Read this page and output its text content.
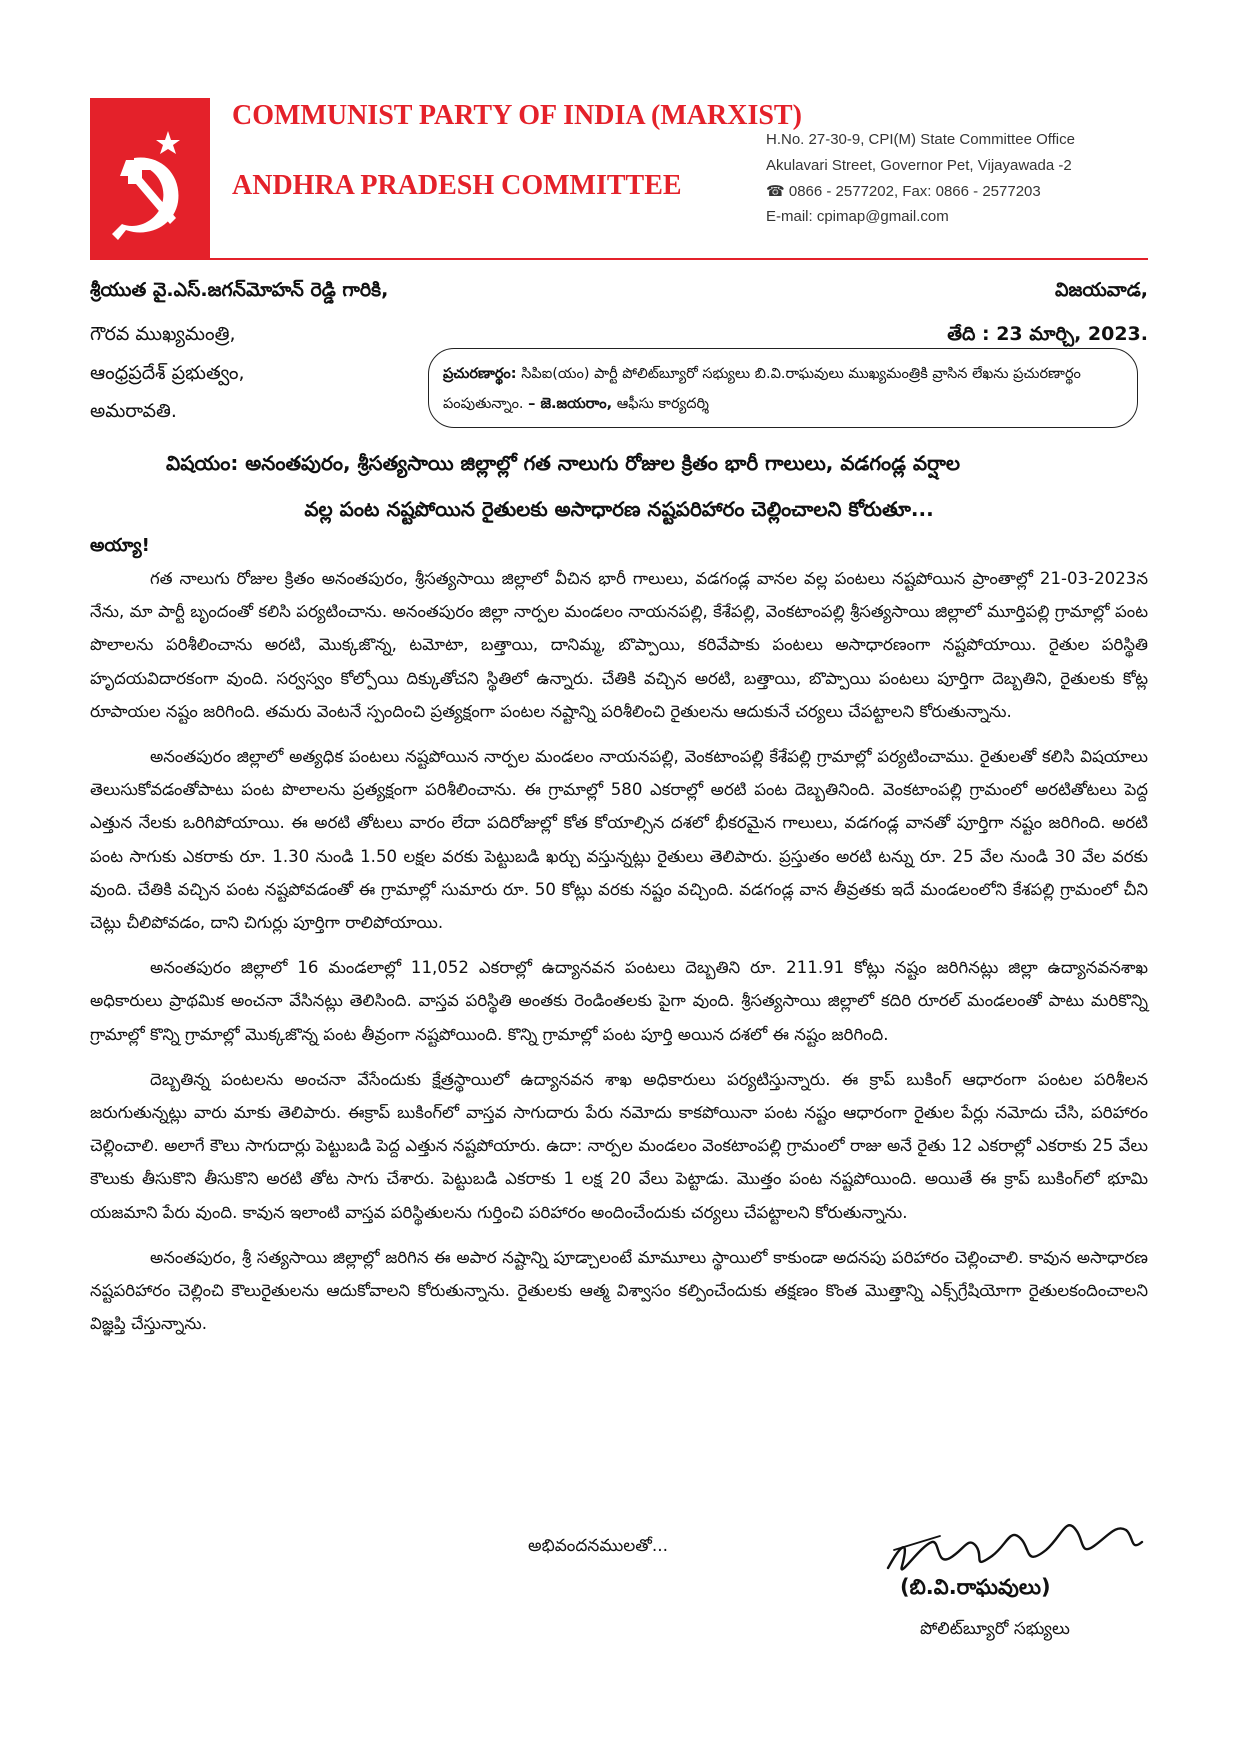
COMMUNIST PARTY OF INDIA (MARXIST)
ANDHRA PRADESH COMMITTEE
H.No. 27-30-9, CPI(M) State Committee Office
Akulavari Street, Governor Pet, Vijayawada -2
☎ 0866 - 2577202, Fax: 0866 - 2577203
E-mail: cpimap@gmail.com
శ్రీయుత వై.ఎస్.జగన్‌మోహన్ రెడ్డి గారికి,
గౌరవ ముఖ్యమంత్రి,
ఆంధ్రప్రదేశ్ ప్రభుత్వం,
అమరావతి.
విజయవాడ,
తేది : 23 మార్చి, 2023.
ప్రచురణార్థం: సిపిఐ(యం) పార్టీ పోలిట్‌బ్యూరో సభ్యులు బి.వి.రాఘవులు ముఖ్యమంత్రికి వ్రాసిన లేఖను ప్రచురణార్థం పంపుతున్నాం. – జె.జయరాం, ఆఫీసు కార్యదర్శి
విషయం: అనంతపురం, శ్రీసత్యసాయి జిల్లాల్లో గత నాలుగు రోజుల క్రితం భారీ గాలులు, వడగండ్ల వర్షాల
వల్ల పంట నష్టపోయిన రైతులకు అసాధారణ నష్టపరిహారం చెల్లించాలని కోరుతూ...
అయ్యా!

గత నాలుగు రోజుల క్రితం అనంతపురం, శ్రీసత్యసాయి జిల్లాలో వీచిన భారీ గాలులు, వడగండ్ల వానల వల్ల పంటలు నష్టపోయిన ప్రాంతాల్లో 21-03-2023న నేను, మా పార్టీ బృందంతో కలిసి పర్యటించాను. అనంతపురం జిల్లా నార్పల మండలం నాయనపల్లి, కేశేపల్లి, వెంకటాంపల్లి శ్రీసత్యసాయి జిల్లాలో మూర్తిపల్లి గ్రామాల్లో పంట పొలాలను పరిశీలించాను అరటి, మొక్కజొన్న, టమోటా, బత్తాయి, దానిమ్మ, బొప్పాయి, కరివేపాకు పంటలు అసాధారణంగా నష్టపోయాయి. రైతుల పరిస్థితి హృదయవిదారకంగా వుంది. సర్వస్వం కోల్పోయి దిక్కుతోచని స్థితిలో ఉన్నారు. చేతికి వచ్చిన అరటి, బత్తాయి, బొప్పాయి పంటలు పూర్తిగా దెబ్బతిని, రైతులకు కోట్ల రూపాయల నష్టం జరిగింది. తమరు వెంటనే స్పందించి ప్రత్యక్షంగా పంటల నష్టాన్ని పరిశీలించి రైతులను ఆదుకునే చర్యలు చేపట్టాలని కోరుతున్నాను.

అనంతపురం జిల్లాలో అత్యధిక పంటలు నష్టపోయిన నార్పల మండలం నాయనపల్లి, వెంకటాంపల్లి కేశేపల్లి గ్రామాల్లో పర్యటించాము. రైతులతో కలిసి విషయాలు తెలుసుకోవడంతోపాటు పంట పొలాలను ప్రత్యక్షంగా పరిశీలించాను. ఈ గ్రామాల్లో 580 ఎకరాల్లో అరటి పంట దెబ్బతినింది. వెంకటాంపల్లి గ్రామంలో అరటితోటలు పెద్ద ఎత్తున నేలకు ఒరిగిపోయాయి. ఈ అరటి తోటలు వారం లేదా పదిరోజుల్లో కోత కోయాల్సిన దశలో భీకరమైన గాలులు, వడగండ్ల వానతో పూర్తిగా నష్టం జరిగింది. అరటి పంట సాగుకు ఎకరాకు రూ. 1.30 నుండి 1.50 లక్షల వరకు పెట్టుబడి ఖర్చు వస్తున్నట్లు రైతులు తెలిపారు. ప్రస్తుతం అరటి టన్ను రూ. 25 వేల నుండి 30 వేల వరకు వుంది. చేతికి వచ్చిన పంట నష్టపోవడంతో ఈ గ్రామాల్లో సుమారు రూ. 50 కోట్లు వరకు నష్టం వచ్చింది. వడగండ్ల వాన తీవ్రతకు ఇదే మండలంలోని కేశపల్లి గ్రామంలో చీని చెట్లు చీలిపోవడం, దాని చిగుర్లు పూర్తిగా రాలిపోయాయి.

అనంతపురం జిల్లాలో 16 మండలాల్లో 11,052 ఎకరాల్లో ఉద్యానవన పంటలు దెబ్బతిని రూ. 211.91 కోట్లు నష్టం జరిగినట్లు జిల్లా ఉద్యానవనశాఖ అధికారులు ప్రాథమిక అంచనా వేసినట్లు తెలిసింది. వాస్తవ పరిస్థితి అంతకు రెండింతలకు పైగా వుంది. శ్రీసత్యసాయి జిల్లాలో కదిరి రూరల్ మండలంతో పాటు మరికొన్ని గ్రామాల్లో కొన్ని గ్రామాల్లో మొక్కజొన్న పంట తీవ్రంగా నష్టపోయింది. కొన్ని గ్రామాల్లో పంట పూర్తి అయిన దశలో ఈ నష్టం జరిగింది.

దెబ్బతిన్న పంటలను అంచనా వేసేందుకు క్షేత్రస్థాయిలో ఉద్యానవన శాఖ అధికారులు పర్యటిస్తున్నారు. ఈ క్రాప్ బుకింగ్ ఆధారంగా పంటల పరిశీలన జరుగుతున్నట్లు వారు మాకు తెలిపారు. ఈక్రాప్ బుకింగ్‌లో వాస్తవ సాగుదారు పేరు నమోదు కాకపోయినా పంట నష్టం ఆధారంగా రైతుల పేర్లు నమోదు చేసి, పరిహారం చెల్లించాలి. అలాగే కౌలు సాగుదార్లు పెట్టుబడి పెద్ద ఎత్తున నష్టపోయారు. ఉదా: నార్పల మండలం వెంకటాంపల్లి గ్రామంలో రాజు అనే రైతు 12 ఎకరాల్లో ఎకరాకు 25 వేలు కౌలుకు తీసుకొని తీసుకొని అరటి తోట సాగు చేశారు. పెట్టుబడి ఎకరాకు 1 లక్ష 20 వేలు పెట్టాడు. మొత్తం పంట నష్టపోయింది. అయితే ఈ క్రాప్ బుకింగ్‌లో భూమి యజమాని పేరు వుంది. కావున ఇలాంటి వాస్తవ పరిస్థితులను గుర్తించి పరిహారం అందించేందుకు చర్యలు చేపట్టాలని కోరుతున్నాను.

అనంతపురం, శ్రీ సత్యసాయి జిల్లాల్లో జరిగిన ఈ అపార నష్టాన్ని పూడ్చాలంటే మామూలు స్థాయిలో కాకుండా అదనపు పరిహారం చెల్లించాలి. కావున అసాధారణ నష్టపరిహారం చెల్లించి కౌలురైతులను ఆదుకోవాలని కోరుతున్నాను. రైతులకు ఆత్మ విశ్వాసం కల్పించేందుకు తక్షణం కొంత మొత్తాన్ని ఎక్స్‌గ్రేషియోగా రైతులకందించాలని విజ్ఞప్తి చేస్తున్నాను.

అభివందనములతో...
(బి.వి.రాఘవులు)
పోలిట్‌బ్యూరో సభ్యులు
